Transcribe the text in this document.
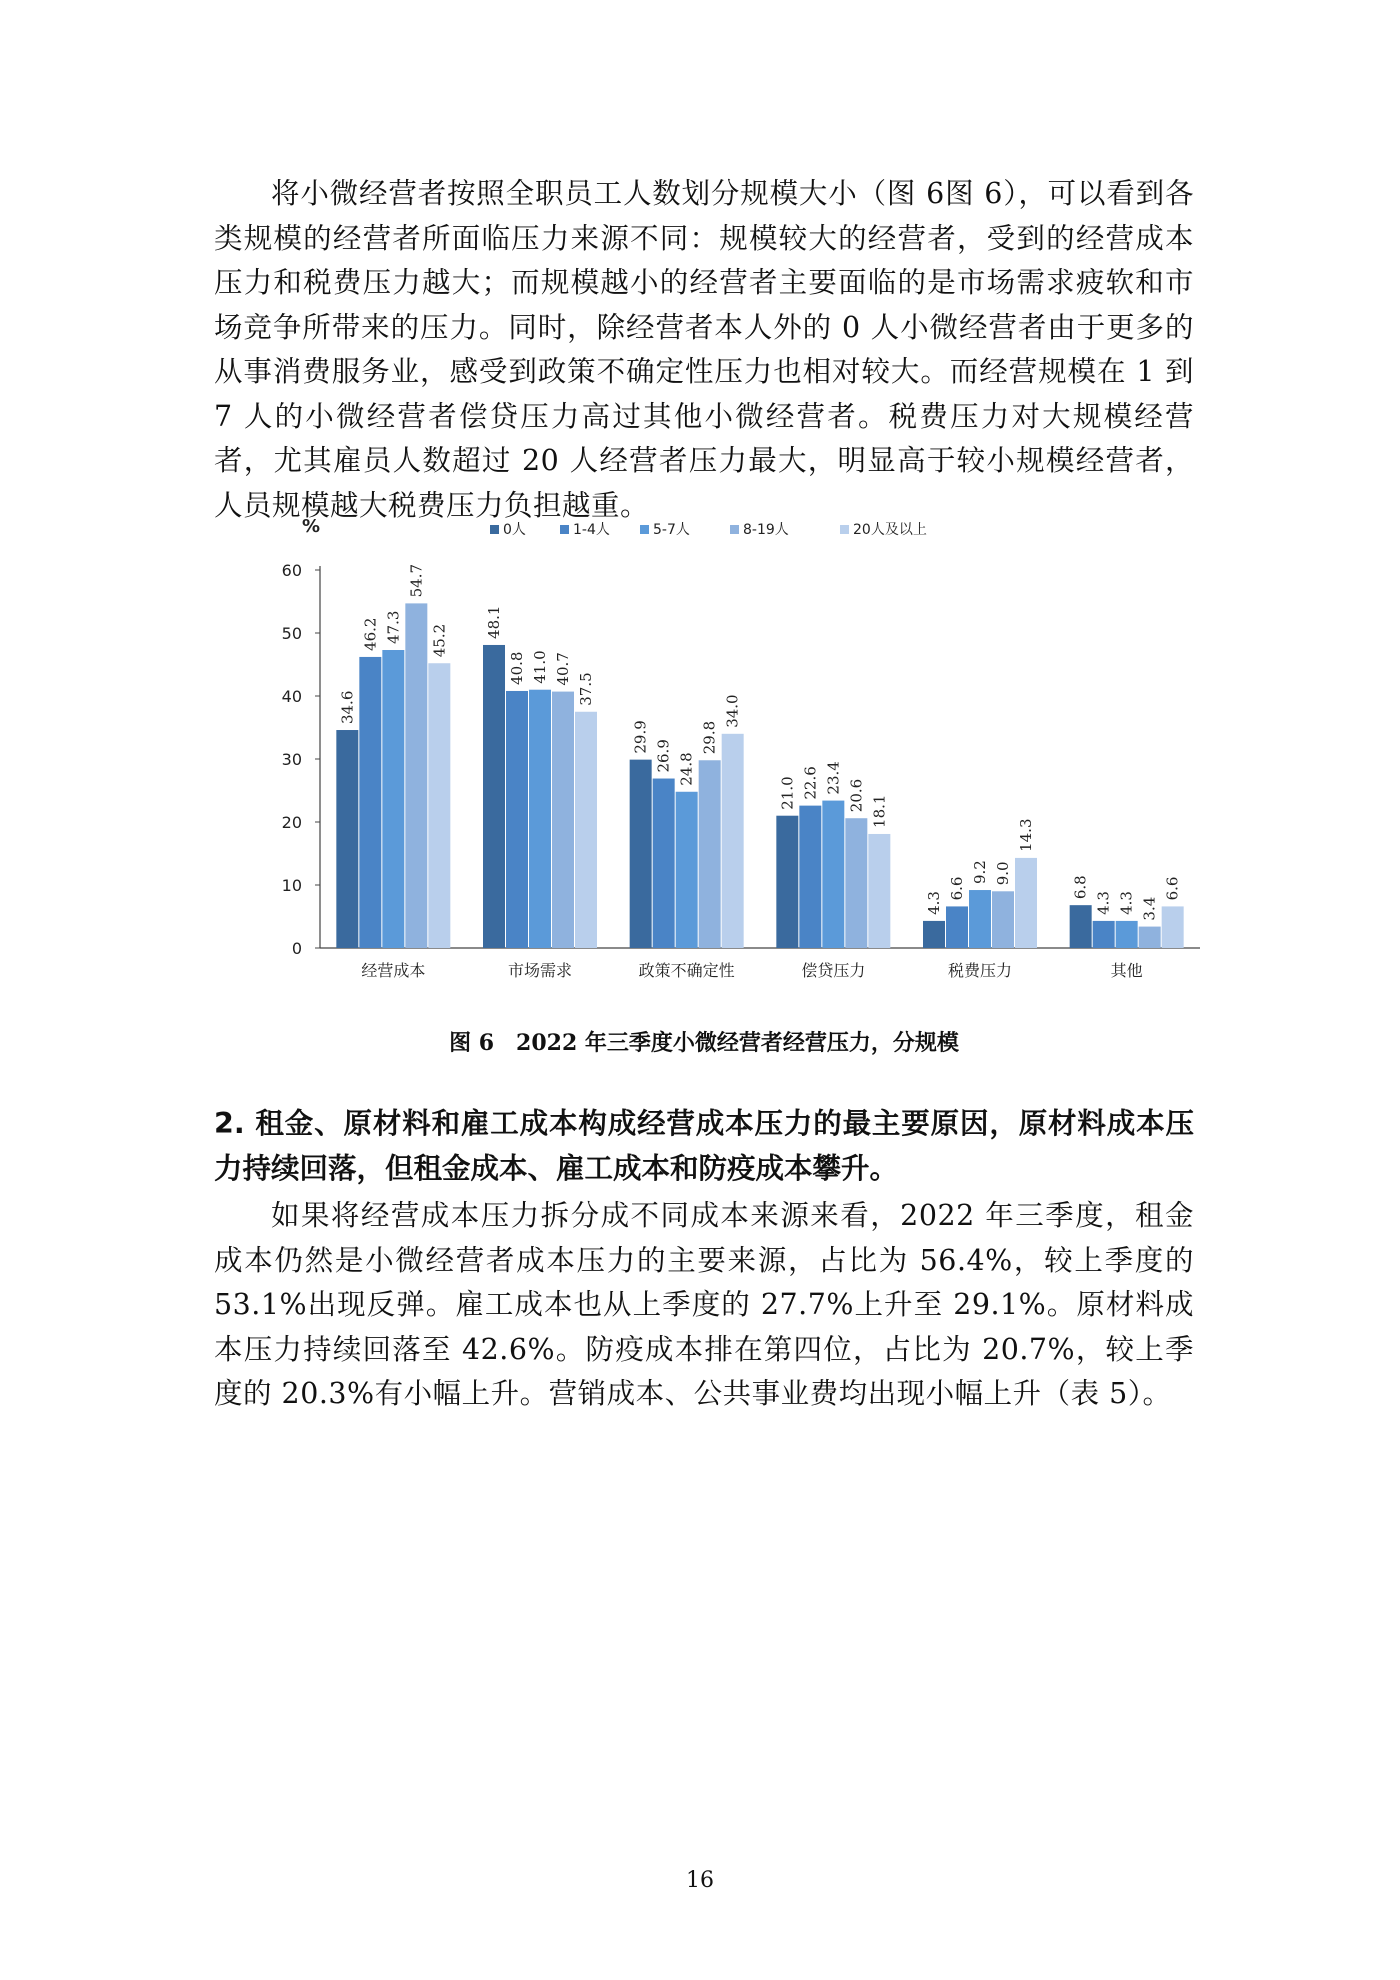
将小微经营者按照全职员工人数划分规模大小（图 6图 6），可以看到各类规模的经营者所面临压力来源不同：规模较大的经营者，受到的经营成本压力和税费压力越大；而规模越小的经营者主要面临的是市场需求疲软和市场竞争所带来的压力。同时，除经营者本人外的 0 人小微经营者由于更多的从事消费服务业，感受到政策不确定性压力也相对较大。而经营规模在 1 到 7 人的小微经营者偿贷压力高过其他小微经营者。税费压力对大规模经营者，尤其雇员人数超过 20 人经营者压力最大，明显高于较小规模经营者，人员规模越大税费压力负担越重。

%
0
10
20
30
40
50
60
34.6
46.2 47.3
54.7
45.2
经营成本
48.1
40.8 41.0 40.7
37.5
市场需求
29.9
26.9 24.8
29.8
34.0
政策不确定性
21.0 22.6 23.4
20.6 18.1
偿贷压力
4.3
6.6
9.2 9.0
14.3
税费压力
6.8
4.3 4.3 3.4
6.6
其他
0人	1-4人	5-7人	8-19人	20人及以上

图 6　2022 年三季度小微经营者经营压力，分规模

2. 租金、原材料和雇工成本构成经营成本压力的最主要原因，原材料成本压力持续回落，但租金成本、雇工成本和防疫成本攀升。

如果将经营成本压力拆分成不同成本来源来看，2022 年三季度，租金成本仍然是小微经营者成本压力的主要来源，占比为 56.4%，较上季度的 53.1%出现反弹。雇工成本也从上季度的 27.7%上升至 29.1%。原材料成本压力持续回落至 42.6%。防疫成本排在第四位，占比为 20.7%，较上季度的 20.3%有小幅上升。营销成本、公共事业费均出现小幅上升（表 5）。

16
